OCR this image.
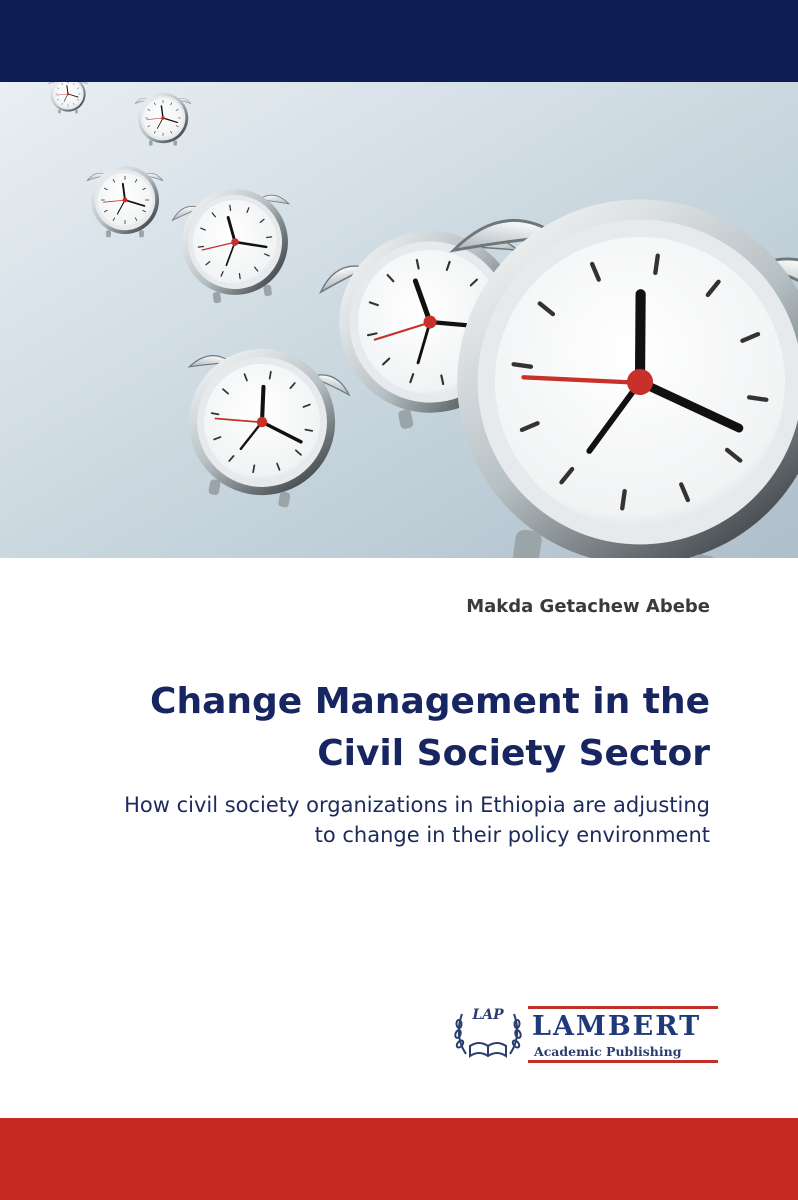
Makda Getachew Abebe
Change Management in the
Civil Society Sector
How civil society organizations in Ethiopia are adjusting
to change in their policy environment
LAP LAMBERT
Academic Publishing
